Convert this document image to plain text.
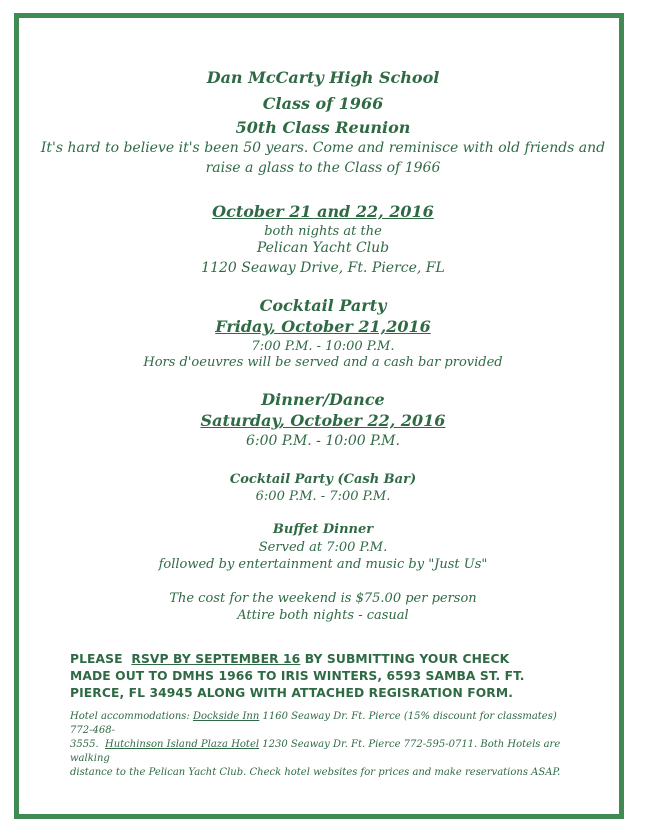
Dan McCarty High School
Class of 1966
50th Class Reunion
It's hard to believe it's been 50 years. Come and reminisce with old friends and
raise a glass to the Class of 1966
October 21 and 22, 2016
both nights at the
Pelican Yacht Club
1120 Seaway Drive, Ft. Pierce, FL
Cocktail Party
Friday, October 21,2016
7:00 P.M. - 10:00 P.M.
Hors d'oeuvres will be served and a cash bar provided
Dinner/Dance
Saturday, October 22, 2016
6:00 P.M. - 10:00 P.M.
Cocktail Party (Cash Bar)
6:00 P.M. - 7:00 P.M.
Buffet Dinner
Served at 7:00 P.M.
followed by entertainment and music by "Just Us"
The cost for the weekend is $75.00 per person
Attire both nights - casual
PLEASE RSVP BY SEPTEMBER 16 BY SUBMITTING YOUR CHECK
MADE OUT TO DMHS 1966 TO IRIS WINTERS, 6593 SAMBA ST. FT.
PIERCE, FL 34945 ALONG WITH ATTACHED REGISRATION FORM.
Hotel accommodations: Dockside Inn 1160 Seaway Dr. Ft. Pierce (15% discount for classmates) 772-468-
3555. Hutchinson Island Plaza Hotel 1230 Seaway Dr. Ft. Pierce 772-595-0711. Both Hotels are walking
distance to the Pelican Yacht Club. Check hotel websites for prices and make reservations ASAP.
